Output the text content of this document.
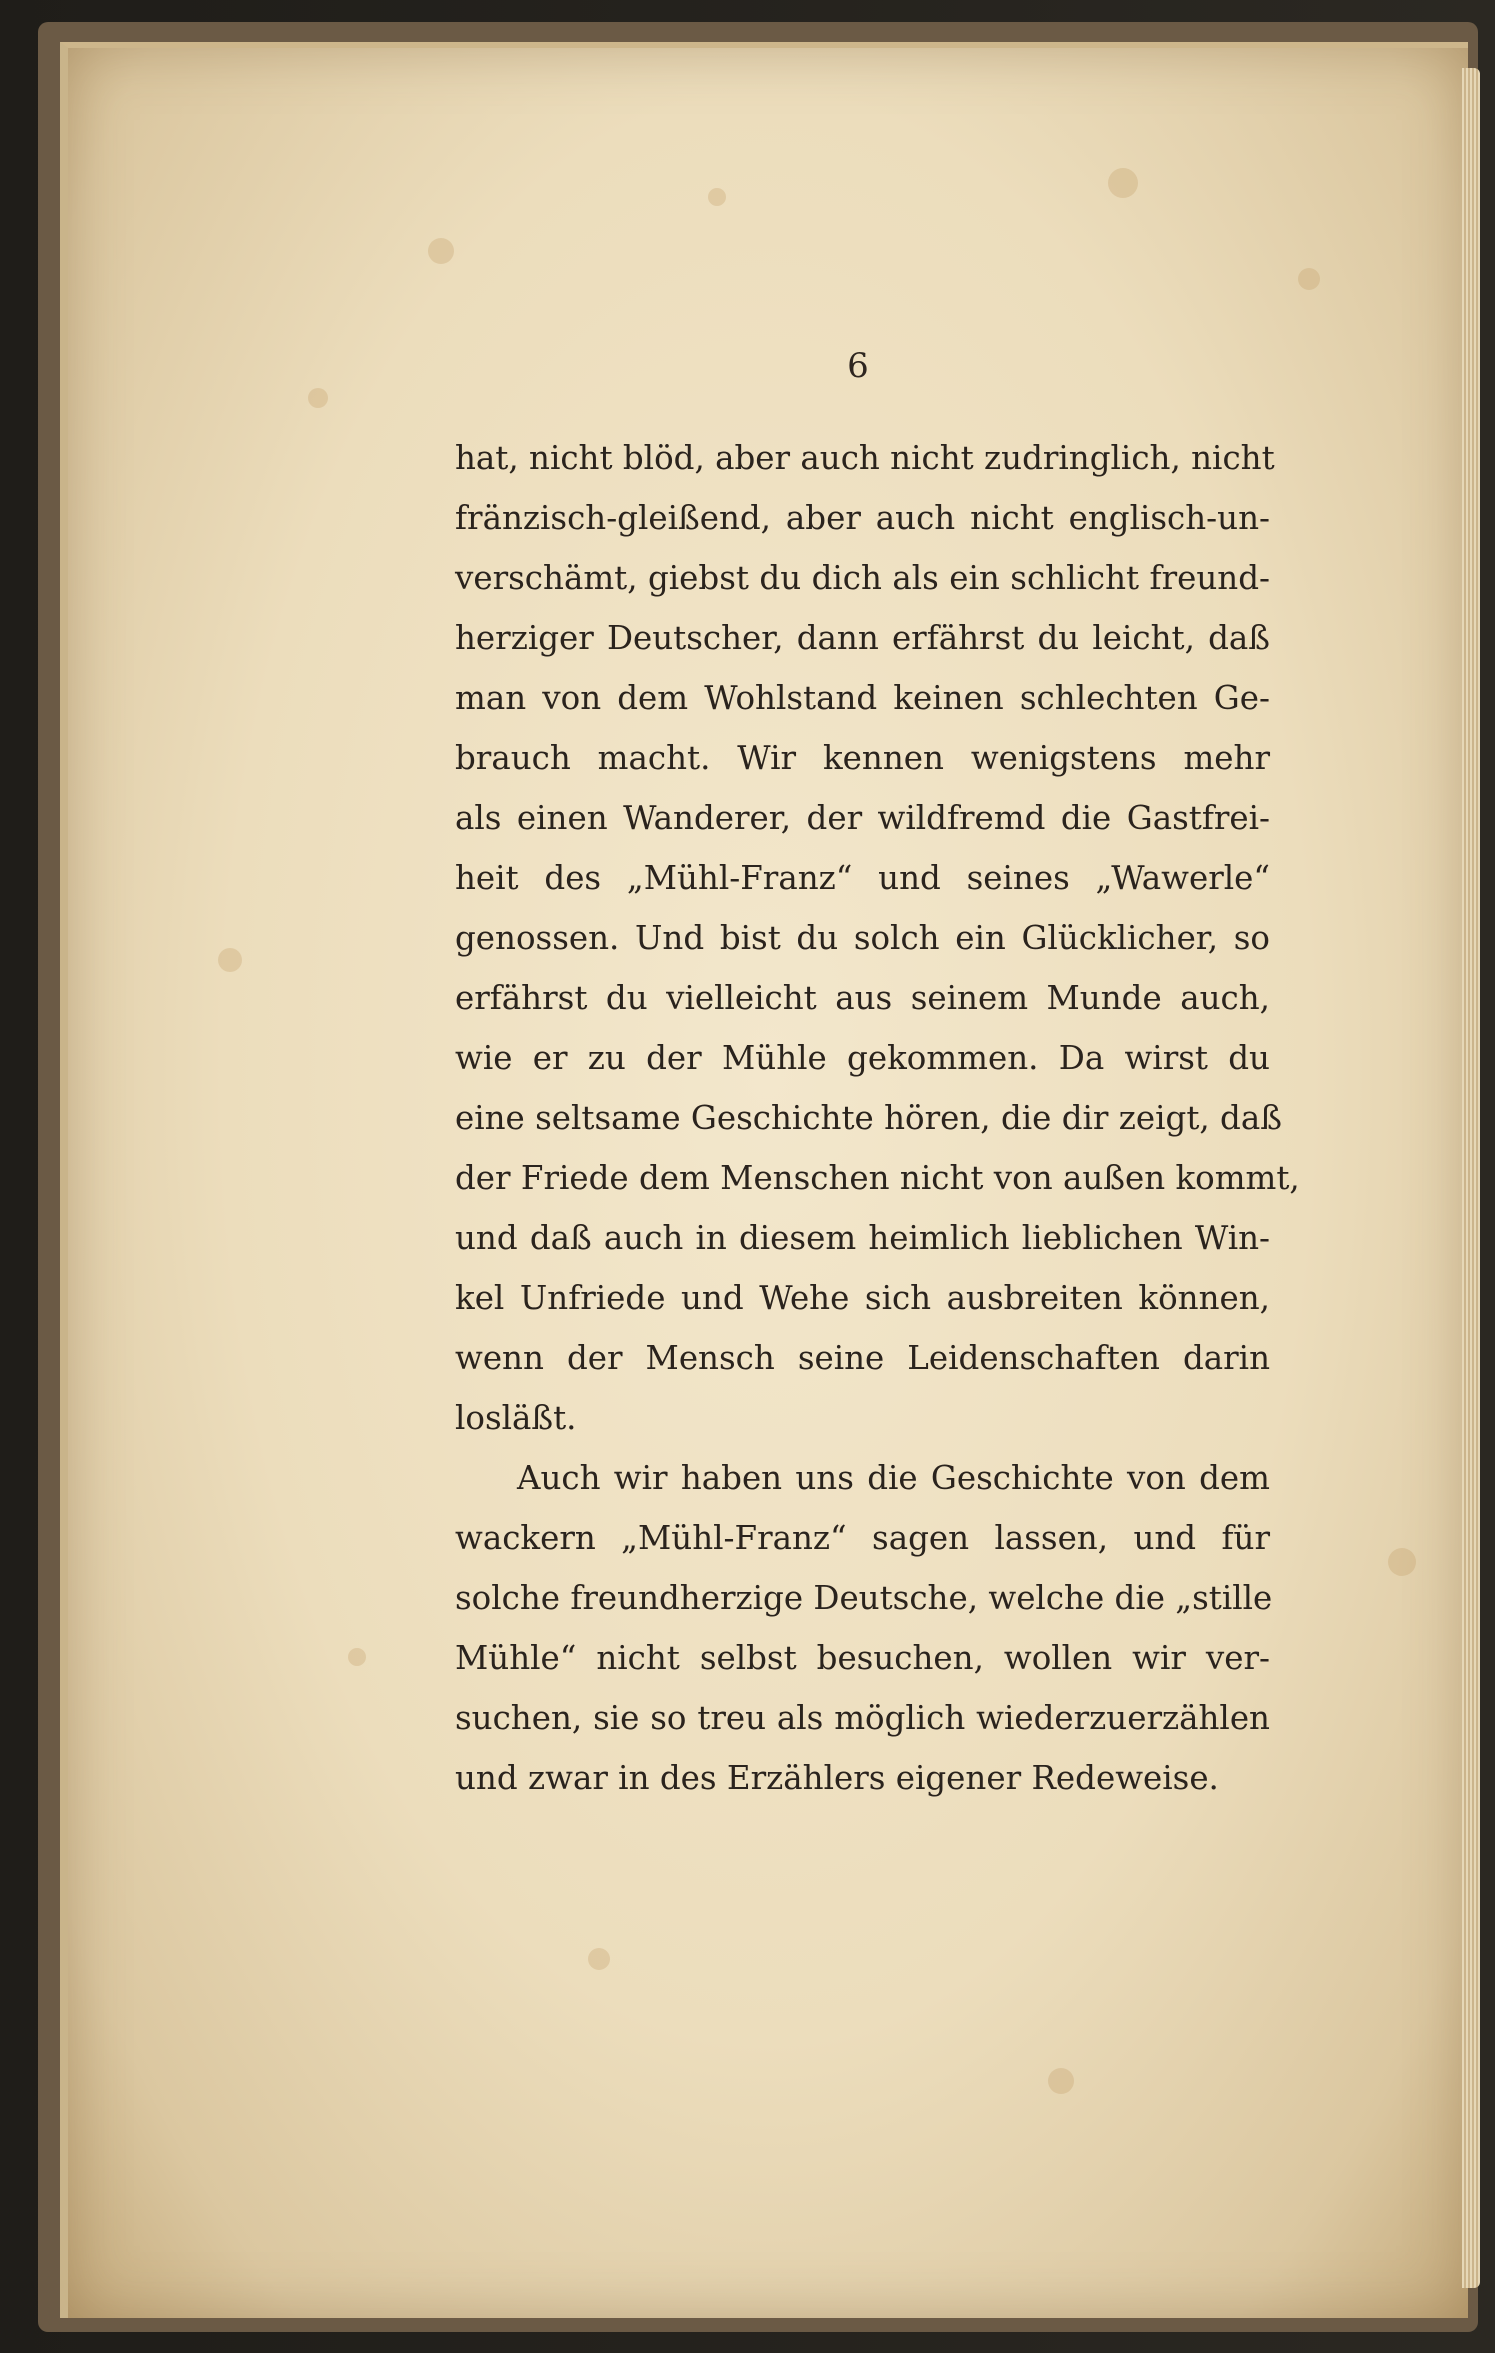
6
hat, nicht blöd, aber auch nicht zudringlich, nicht
fränzisch-gleißend, aber auch nicht englisch-un-
verschämt, giebst du dich als ein schlicht freund-
herziger Deutscher, dann erfährst du leicht, daß
man von dem Wohlstand keinen schlechten Ge-
brauch macht. Wir kennen wenigstens mehr
als einen Wanderer, der wildfremd die Gastfrei-
heit des „Mühl-Franz“ und seines „Wawerle“
genossen. Und bist du solch ein Glücklicher, so
erfährst du vielleicht aus seinem Munde auch,
wie er zu der Mühle gekommen. Da wirst du
eine seltsame Geschichte hören, die dir zeigt, daß
der Friede dem Menschen nicht von außen kommt,
und daß auch in diesem heimlich lieblichen Win-
kel Unfriede und Wehe sich ausbreiten können,
wenn der Mensch seine Leidenschaften darin
losläßt.
Auch wir haben uns die Geschichte von dem
wackern „Mühl-Franz“ sagen lassen, und für
solche freundherzige Deutsche, welche die „stille
Mühle“ nicht selbst besuchen, wollen wir ver-
suchen, sie so treu als möglich wiederzuerzählen
und zwar in des Erzählers eigener Redeweise.
